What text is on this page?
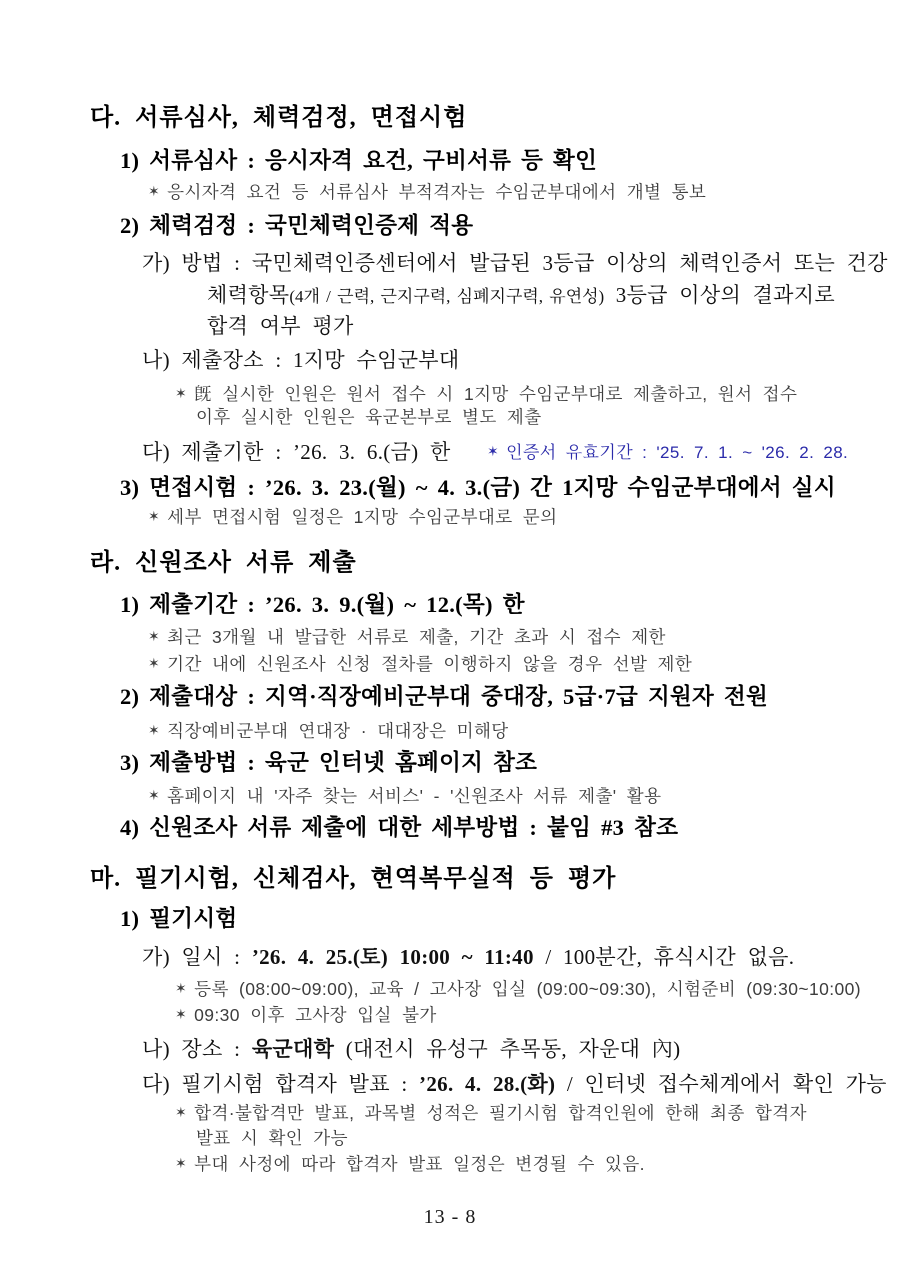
다. 서류심사, 체력검정, 면접시험
1) 서류심사 : 응시자격 요건, 구비서류 등 확인
✶ 응시자격 요건 등 서류심사 부적격자는 수임군부대에서 개별 통보
2) 체력검정 : 국민체력인증제 적용
가) 방법 : 국민체력인증센터에서 발급된 3등급 이상의 체력인증서 또는 건강
체력항목(4개 / 근력, 근지구력, 심폐지구력, 유연성) 3등급 이상의 결과지로
합격 여부 평가
나) 제출장소 : 1지망 수임군부대
✶ 旣 실시한 인원은 원서 접수 시 1지망 수임군부대로 제출하고, 원서 접수
이후 실시한 인원은 육군본부로 별도 제출
다) 제출기한 : ’26. 3. 6.(금) 한	✶ 인증서 유효기간 : '25. 7. 1. ~ '26. 2. 28.
3) 면접시험 : ’26. 3. 23.(월) ~ 4. 3.(금) 간 1지망 수임군부대에서 실시
✶ 세부 면접시험 일정은 1지망 수임군부대로 문의
라. 신원조사 서류 제출
1) 제출기간 : ’26. 3. 9.(월) ~ 12.(목) 한
✶ 최근 3개월 내 발급한 서류로 제출, 기간 초과 시 접수 제한
✶ 기간 내에 신원조사 신청 절차를 이행하지 않을 경우 선발 제한
2) 제출대상 : 지역·직장예비군부대 중대장, 5급·7급 지원자 전원
✶ 직장예비군부대 연대장 · 대대장은 미해당
3) 제출방법 : 육군 인터넷 홈페이지 참조
✶ 홈페이지 내 '자주 찾는 서비스' - '신원조사 서류 제출' 활용
4) 신원조사 서류 제출에 대한 세부방법 : 붙임 #3 참조
마. 필기시험, 신체검사, 현역복무실적 등 평가
1) 필기시험
가) 일시 : ’26. 4. 25.(토) 10:00 ~ 11:40 / 100분간, 휴식시간 없음.
✶ 등록 (08:00~09:00), 교육 / 고사장 입실 (09:00~09:30), 시험준비 (09:30~10:00)
✶ 09:30 이후 고사장 입실 불가
나) 장소 : 육군대학 (대전시 유성구 추목동, 자운대 內)
다) 필기시험 합격자 발표 : ’26. 4. 28.(화) / 인터넷 접수체계에서 확인 가능
✶ 합격·불합격만 발표, 과목별 성적은 필기시험 합격인원에 한해 최종 합격자
발표 시 확인 가능
✶ 부대 사정에 따라 합격자 발표 일정은 변경될 수 있음.
13 - 8
